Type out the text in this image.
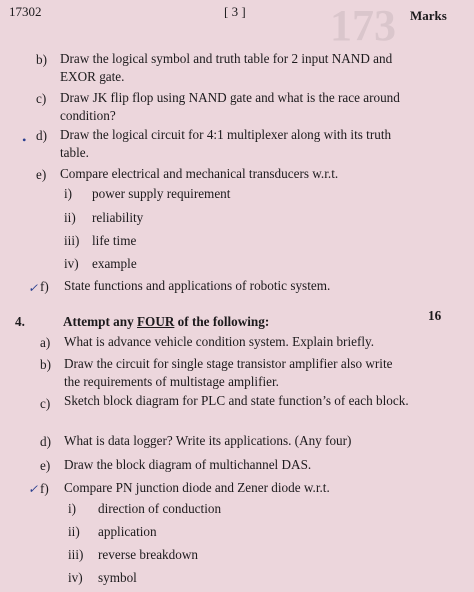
173
17302	[ 3 ]	Marks
b) Draw the logical symbol and truth table for 2 input NAND and EXOR gate.
c) Draw JK flip flop using NAND gate and what is the race around condition?
• d) Draw the logical circuit for 4:1 multiplexer along with its truth table.
e) Compare electrical and mechanical transducers w.r.t.
i) power supply requirement
ii) reliability
iii) life time
iv) example
✓ f) State functions and applications of robotic system.
4.	Attempt any FOUR of the following:	16
a) What is advance vehicle condition system. Explain briefly.
b) Draw the circuit for single stage transistor amplifier also write the requirements of multistage amplifier.
c) Sketch block diagram for PLC and state function’s of each block.
d) What is data logger? Write its applications. (Any four)
e) Draw the block diagram of multichannel DAS.
✓ f) Compare PN junction diode and Zener diode w.r.t.
i) direction of conduction
ii) application
iii) reverse breakdown
iv) symbol
